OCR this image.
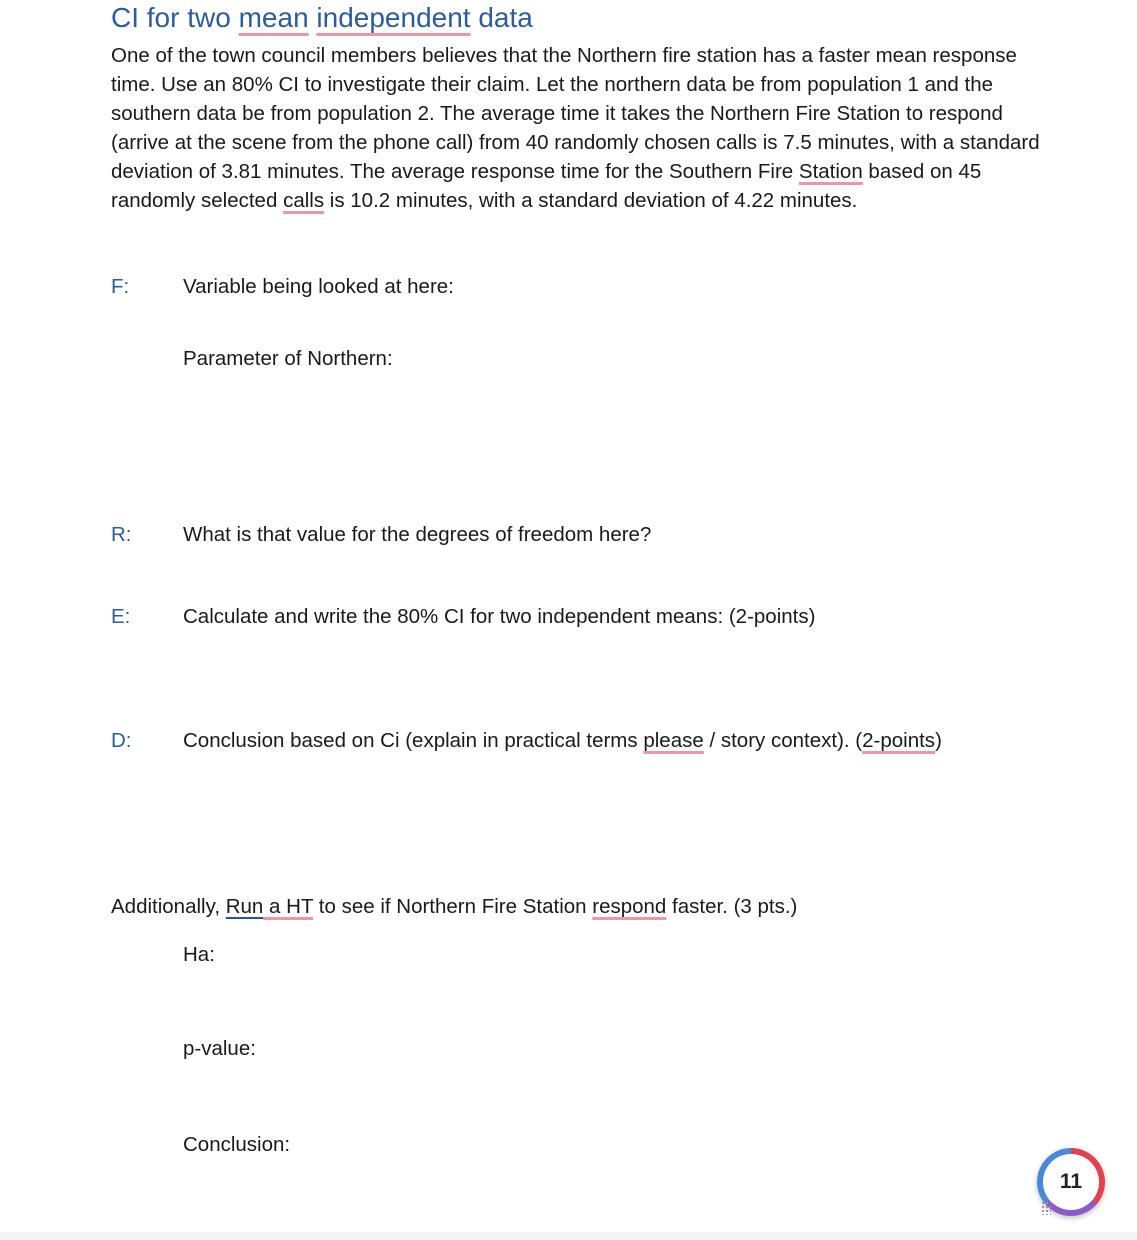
CI for two mean independent data

One of the town council members believes that the Northern fire station has a faster mean response time. Use an 80% CI to investigate their claim. Let the northern data be from population 1 and the southern data be from population 2. The average time it takes the Northern Fire Station to respond (arrive at the scene from the phone call) from 40 randomly chosen calls is 7.5 minutes, with a standard deviation of 3.81 minutes. The average response time for the Southern Fire Station based on 45 randomly selected calls is 10.2 minutes, with a standard deviation of 4.22 minutes.

F:	Variable being looked at here:
Parameter of Northern:
R:	What is that value for the degrees of freedom here?
E:	Calculate and write the 80% CI for two independent means: (2-points)
D:	Conclusion based on Ci (explain in practical terms please / story context). (2-points)
Additionally, Run a HT to see if Northern Fire Station respond faster. (3 pts.)
Ha:
p-value:
Conclusion:
11
